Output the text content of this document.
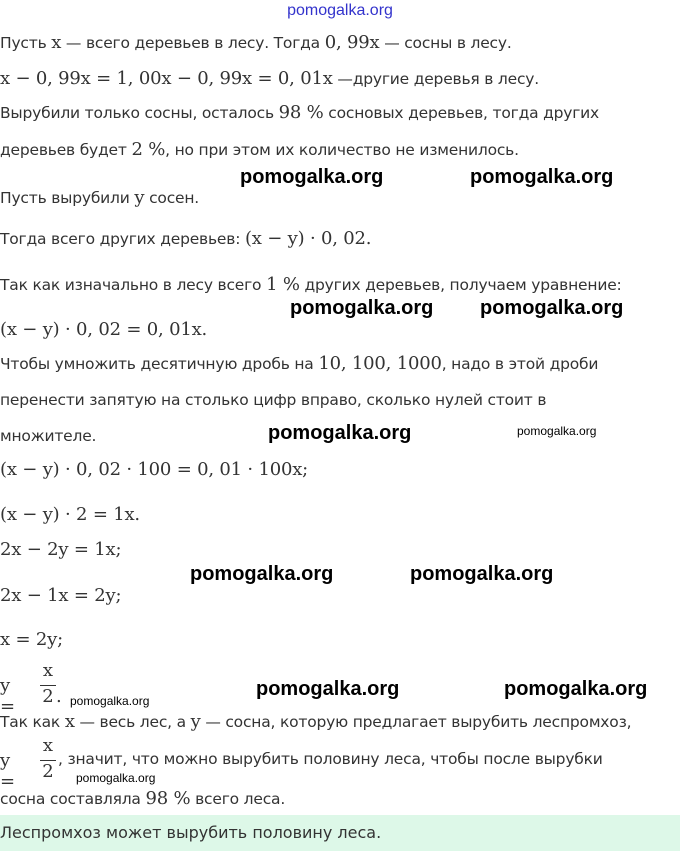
pomogalka.org
Пусть x — всего деревьев в лесу. Тогда 0, 99x — сосны в лесу.
x − 0, 99x = 1, 00x − 0, 99x = 0, 01x —другие деревья в лесу.
Вырубили только сосны, осталось 98 % сосновых деревьев, тогда других
деревьев будет 2 %, но при этом их количество не изменилось.
Пусть вырубили y сосен.
Тогда всего других деревьев: (x − y) · 0, 02.
Так как изначально в лесу всего 1 % других деревьев, получаем уравнение:
(x − y) · 0, 02 = 0, 01x.
Чтобы умножить десятичную дробь на 10, 100, 1000, надо в этой дроби
перенести запятую на столько цифр вправо, сколько нулей стоит в
множителе.
(x − y) · 0, 02 · 100 = 0, 01 · 100x;
(x − y) · 2 = 1x.
2x − 2y = 1x;
2x − 1x = 2y;
x = 2y;
Так как x — весь лес, а y — сосна, которую предлагает вырубить леспромхоз,
сосна составляла 98 % всего леса.
y =
x
2 .
y =
x
2
, значит, что можно вырубить половину леса, чтобы после вырубки
Леспромхоз может вырубить половину леса.
pomogalka.org	pomogalka.org
pomogalka.org pomogalka.org
pomogalka.org	pomogalka.org
pomogalka.org	pomogalka.org
pomogalka.org	pomogalka.org
pomogalka.org
pomogalka.org
